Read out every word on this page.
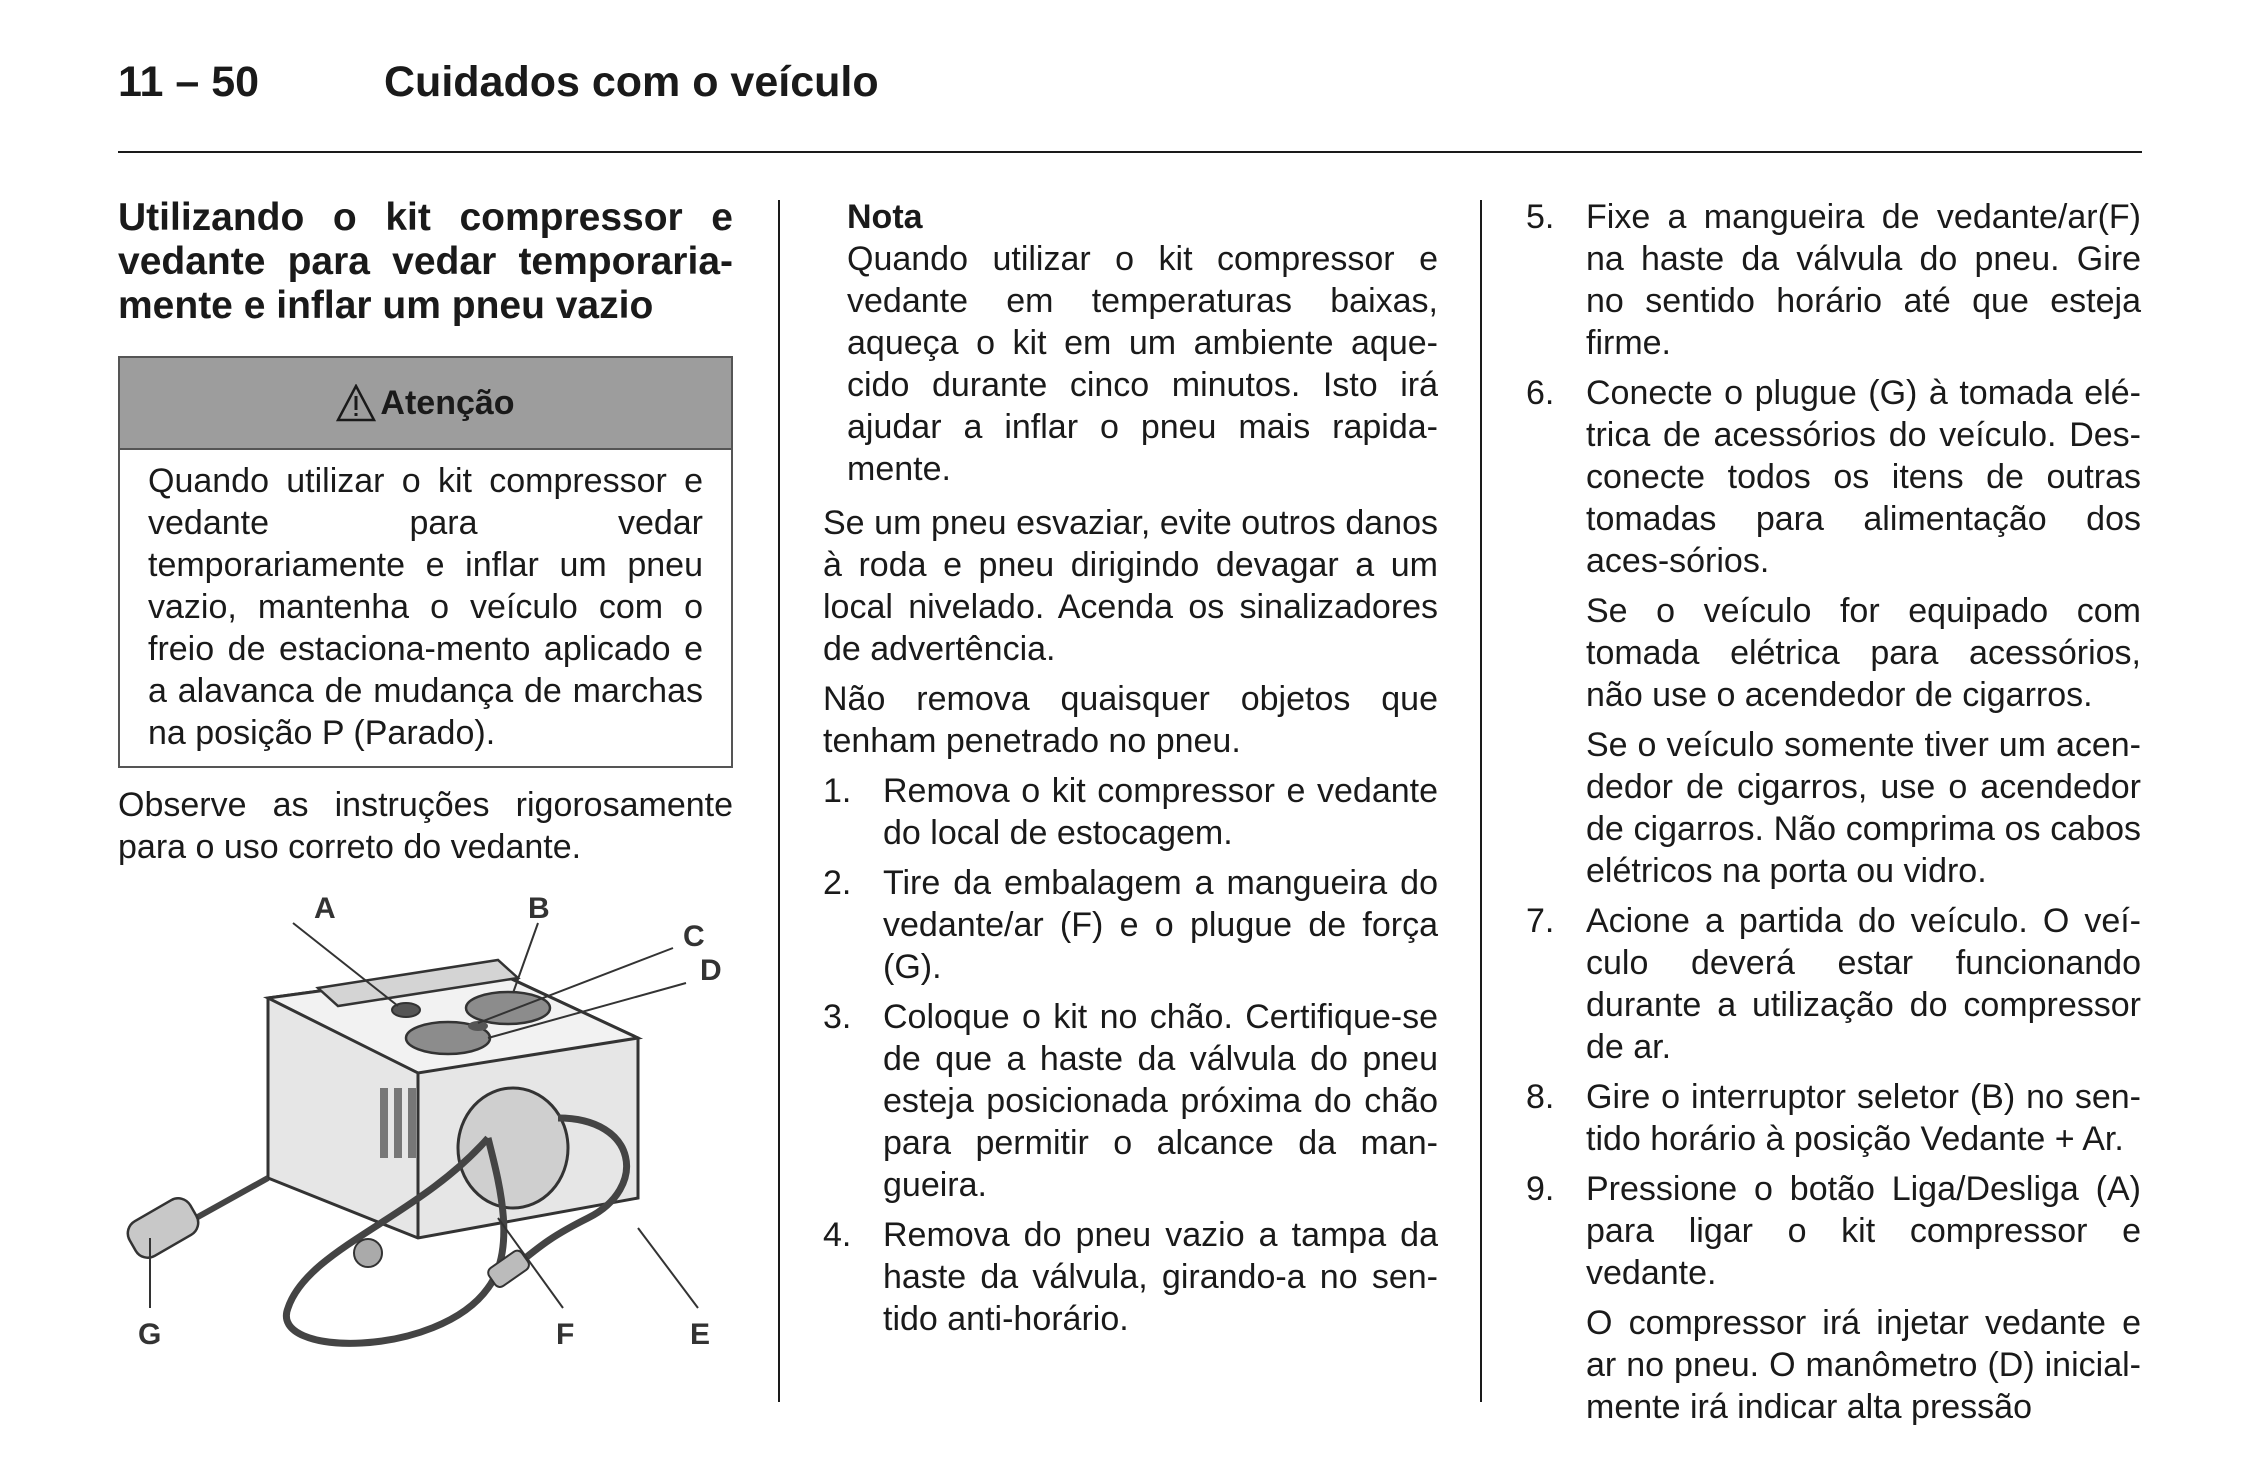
11 – 50	Cuidados com o veículo
Utilizando o kit compressor e vedante para vedar temporaria-mente e inflar um pneu vazio
Atenção
Quando utilizar o kit compressor e vedante para vedar temporariamente e inflar um pneu vazio, mantenha o veículo com o freio de estaciona-mento aplicado e a alavanca de mudança de marchas na posição P (Parado).

Observe as instruções rigorosamente para o uso correto do vedante.

A	B
C
D
G	F	E
Nota

Quando utilizar o kit compressor e vedante em temperaturas baixas, aqueça o kit em um ambiente aque-cido durante cinco minutos. Isto irá ajudar a inflar o pneu mais rapida-mente.

Se um pneu esvaziar, evite outros danos à roda e pneu dirigindo devagar a um local nivelado. Acenda os sinalizadores de advertência.

Não remova quaisquer objetos que tenham penetrado no pneu.

1. Remova o kit compressor e vedante do local de estocagem.
2. Tire da embalagem a mangueira do vedante/ar (F) e o plugue de força (G).
3. Coloque o kit no chão. Certifique-se de que a haste da válvula do pneu esteja posicionada próxima do chão para permitir o alcance da man-gueira.
4. Remova do pneu vazio a tampa da haste da válvula, girando-a no sen-tido anti-horário.
5. Fixe a mangueira de vedante/ar(F) na haste da válvula do pneu. Gire no sentido horário até que esteja firme.
6. Conecte o plugue (G) à tomada elé-trica de acessórios do veículo. Des-conecte todos os itens de outras tomadas para alimentação dos aces-sórios.

Se o veículo for equipado com tomada elétrica para acessórios, não use o acendedor de cigarros.

Se o veículo somente tiver um acen-dedor de cigarros, use o acendedor de cigarros. Não comprima os cabos elétricos na porta ou vidro.

7. Acione a partida do veículo. O veí-culo deverá estar funcionando durante a utilização do compressor de ar.
8. Gire o interruptor seletor (B) no sen-tido horário à posição Vedante + Ar.
9. Pressione o botão Liga/Desliga (A) para ligar o kit compressor e vedante.

O compressor irá injetar vedante e ar no pneu. O manômetro (D) inicial-mente irá indicar alta pressão
